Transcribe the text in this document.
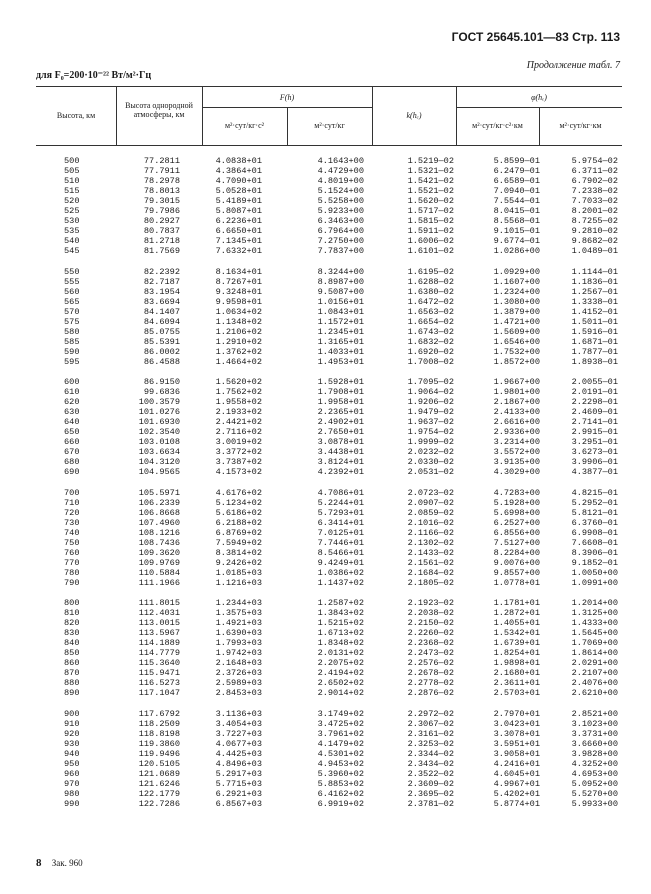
ГОСТ 25645.101—83 Стр. 113
Продолжение табл. 7
для F₀=200·10⁻²² Вт/м²·Гц
Высота, км
Высота однородной атмосферы, км
F(h)
м²·сут/кг·с²	м²·сут/кг
k(hₑ)
φ(hₑ)
м²·сут/кг·с²·км	м²·сут/кг·км
500	77.2811	4.0838+01	4.1643+00	1.5219—02	5.8599—01	5.9754—02
505	77.7911	4.3864+01	4.4729+00	1.5321—02	6.2479—01	6.3711—02
510	78.2978	4.7090+01	4.8019+00	1.5421—02	6.6589—01	6.7902—02
515	78.8013	5.0528+01	5.1524+00	1.5521—02	7.0940—01	7.2338—02
520	79.3015	5.4189+01	5.5258+00	1.5620—02	7.5544—01	7.7033—02
525	79.7986	5.8087+01	5.9233+00	1.5717—02	8.0415—01	8.2001—02
530	80.2927	6.2236+01	6.3463+00	1.5815—02	8.5568—01	8.7255—02
535	80.7837	6.6650+01	6.7964+00	1.5911—02	9.1015—01	9.2810—02
540	81.2718	7.1345+01	7.2750+00	1.6006—02	9.6774—01	9.8682—02
545	81.7569	7.6332+01	7.7837+00	1.6101—02	1.0286+00	1.0489—01
550	82.2392	8.1634+01	8.3244+00	1.6195—02	1.0929+00	1.1144—01
555	82.7187	8.7267+01	8.8987+00	1.6288—02	1.1607+00	1.1836—01
560	83.1954	9.3248+01	9.5087+00	1.6380—02	1.2324+00	1.2567—01
565	83.6694	9.9598+01	1.0156+01	1.6472—02	1.3080+00	1.3338—01
570	84.1407	1.0634+02	1.0843+01	1.6563—02	1.3879+00	1.4152—01
575	84.6094	1.1348+02	1.1572+01	1.6654—02	1.4721+00	1.5011—01
580	85.0755	1.2106+02	1.2345+01	1.6743—02	1.5609+00	1.5916—01
585	85.5391	1.2910+02	1.3165+01	1.6832—02	1.6546+00	1.6871—01
590	86.0002	1.3762+02	1.4033+01	1.6920—02	1.7532+00	1.7877—01
595	86.4588	1.4664+02	1.4953+01	1.7008—02	1.8572+00	1.8938—01
600	86.9150	1.5620+02	1.5928+01	1.7095—02	1.9667+00	2.0055—01
610	99.6836	1.7562+02	1.7908+01	1.9064—02	1.9801+00	2.0191—01
620	100.3579	1.9558+02	1.9958+01	1.9206—02	2.1867+00	2.2298—01
630	101.0276	2.1933+02	2.2365+01	1.9479—02	2.4133+00	2.4609—01
640	101.6930	2.4421+02	2.4902+01	1.9637—02	2.6616+00	2.7141—01
650	102.3540	2.7116+02	2.7650+01	1.9754—02	2.9336+00	2.9915—01
660	103.0108	3.0019+02	3.0878+01	1.9999—02	3.2314+00	3.2951—01
670	103.6634	3.3772+02	3.4438+01	2.0232—02	3.5572+00	3.6273—01
680	104.3120	3.7387+02	3.8124+01	2.0330—02	3.9135+00	3.9906—01
690	104.9565	4.1573+02	4.2392+01	2.0531—02	4.3029+00	4.3877—01
700	105.5971	4.6176+02	4.7086+01	2.0723—02	4.7283+00	4.8215—01
710	106.2339	5.1234+02	5.2244+01	2.0907—02	5.1928+00	5.2952—01
720	106.8668	5.6186+02	5.7293+01	2.0859—02	5.6998+00	5.8121—01
730	107.4960	6.2188+02	6.3414+01	2.1016—02	6.2527+00	6.3760—01
740	108.1216	6.8769+02	7.0125+01	2.1166—02	6.8556+00	6.9908—01
750	108.7436	7.5949+02	7.7446+01	2.1302—02	7.5127+00	7.6608—01
760	109.3620	8.3814+02	8.5466+01	2.1433—02	8.2284+00	8.3906—01
770	109.9769	9.2426+02	9.4249+01	2.1561—02	9.0076+00	9.1852—01
780	110.5884	1.0185+03	1.0386+02	2.1684—02	9.8557+00	1.0050+00
790	111.1966	1.1216+03	1.1437+02	2.1805—02	1.0778+01	1.0991+00
800	111.8015	1.2344+03	1.2587+02	2.1923—02	1.1781+01	1.2014+00
810	112.4031	1.3575+03	1.3843+02	2.2038—02	1.2872+01	1.3125+00
820	113.0015	1.4921+03	1.5215+02	2.2150—02	1.4055+01	1.4333+00
830	113.5967	1.6390+03	1.6713+02	2.2260—02	1.5342+01	1.5645+00
840	114.1889	1.7993+03	1.8348+02	2.2368—02	1.6739+01	1.7069+00
850	114.7779	1.9742+03	2.0131+02	2.2473—02	1.8254+01	1.8614+00
860	115.3640	2.1648+03	2.2075+02	2.2576—02	1.9898+01	2.0291+00
870	115.9471	2.3726+03	2.4194+02	2.2678—02	2.1680+01	2.2107+00
880	116.5273	2.5989+03	2.6502+02	2.2778—02	2.3611+01	2.4076+00
890	117.1047	2.8453+03	2.9014+02	2.2876—02	2.5703+01	2.6210+00
900	117.6792	3.1136+03	3.1749+02	2.2972—02	2.7970+01	2.8521+00
910	118.2509	3.4054+03	3.4725+02	2.3067—02	3.0423+01	3.1023+00
920	118.8198	3.7227+03	3.7961+02	2.3161—02	3.3078+01	3.3731+00
930	119.3860	4.0677+03	4.1479+02	2.3253—02	3.5951+01	3.6660+00
940	119.9496	4.4425+03	4.5301+02	2.3344—02	3.9058+01	3.9828+00
950	120.5105	4.8496+03	4.9453+02	2.3434—02	4.2416+01	4.3252+00
960	121.0689	5.2917+03	5.3960+02	2.3522—02	4.6045+01	4.6953+00
970	121.6246	5.7715+03	5.8853+02	2.3609—02	4.9967+01	5.0952+00
980	122.1779	6.2921+03	6.4162+02	2.3695—02	5.4202+01	5.5270+00
990	122.7286	6.8567+03	6.9919+02	2.3781—02	5.8774+01	5.9933+00
8 Зак. 960
